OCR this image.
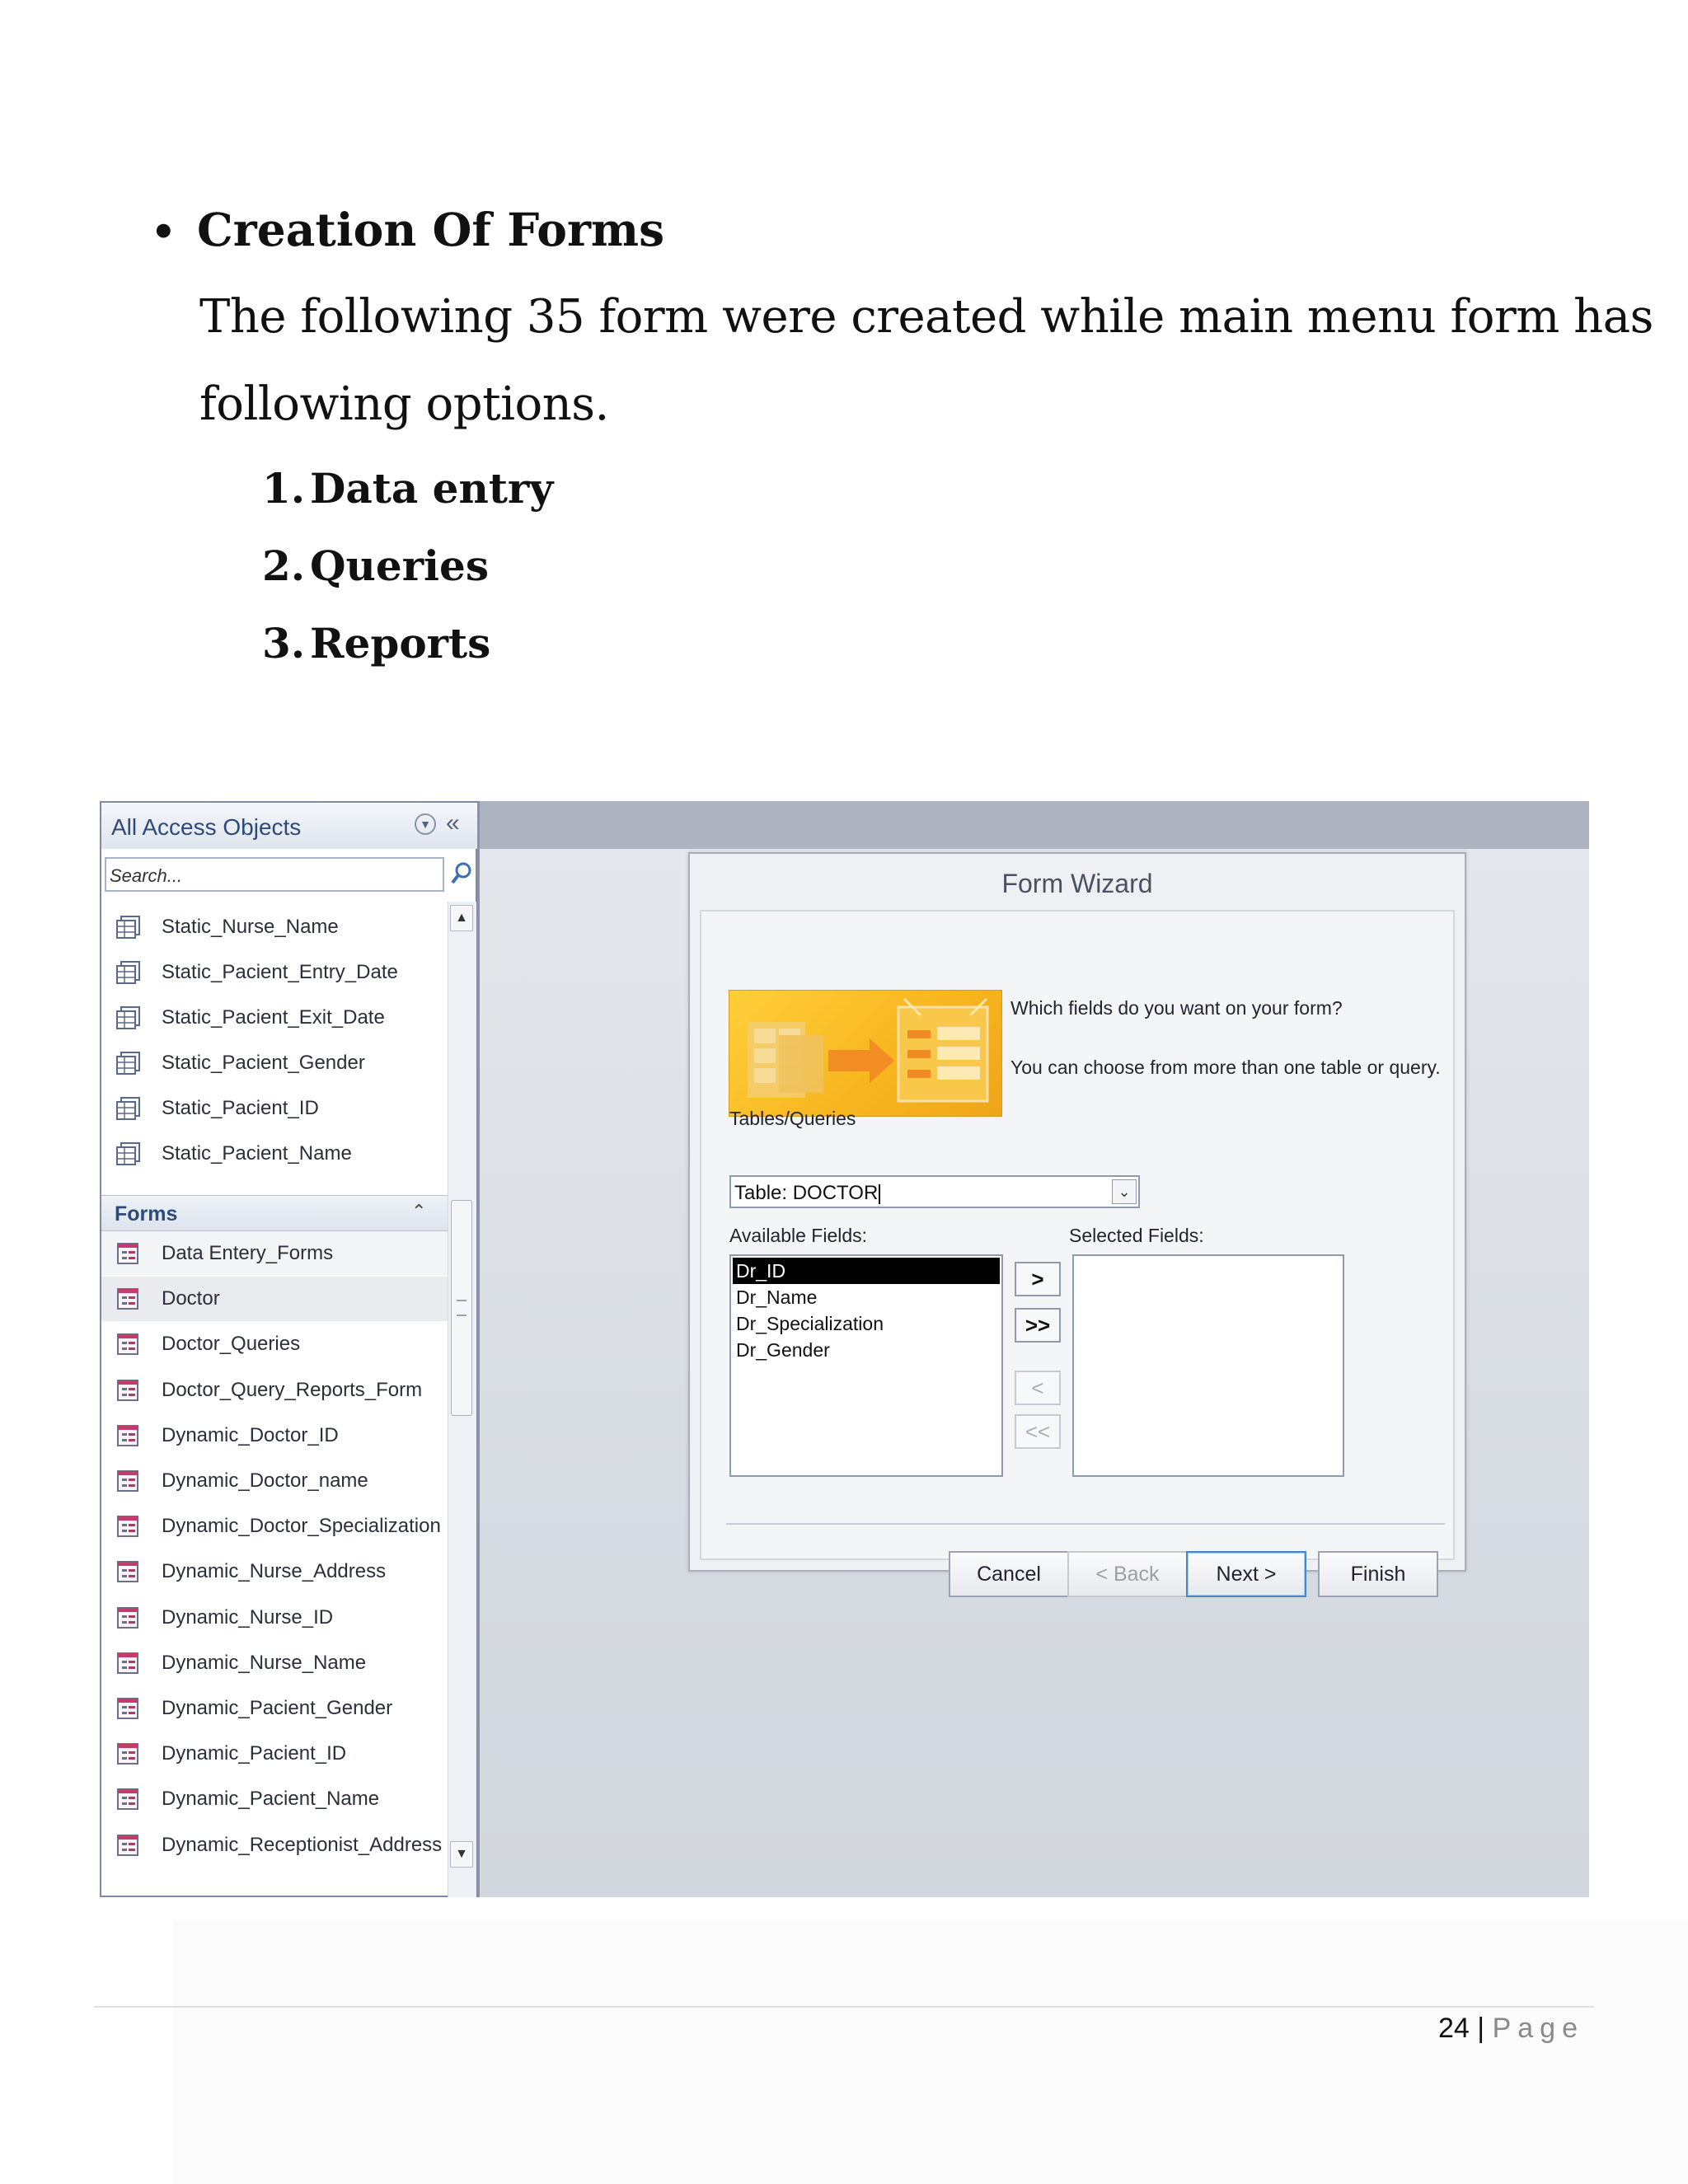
• Creation Of Forms
The following 35 form were created while main menu form has
following options.
1. Data entry
2. Queries
3. Reports
All Access Objects	▼ «
Search...
Static_Nurse_Name
Static_Pacient_Entry_Date
Static_Pacient_Exit_Date
Static_Pacient_Gender
Static_Pacient_ID
Static_Pacient_Name
Forms	⌃
Data Entery_Forms
Doctor
Doctor_Queries
Doctor_Query_Reports_Form
Dynamic_Doctor_ID
Dynamic_Doctor_name
Dynamic_Doctor_Specialization
Dynamic_Nurse_Address
Dynamic_Nurse_ID
Dynamic_Nurse_Name
Dynamic_Pacient_Gender
Dynamic_Pacient_ID
Dynamic_Pacient_Name
Dynamic_Receptionist_Address
▲
▼
Form Wizard
Which fields do you want on your form?
You can choose from more than one table or query.
Tables/Queries
Table: DOCTOR	⌄
Available Fields:	Selected Fields:
Dr_ID
Dr_Name
Dr_Specialization
Dr_Gender
>
>>
<
<<
Cancel	< Back	Next >	Finish
24 | Page
